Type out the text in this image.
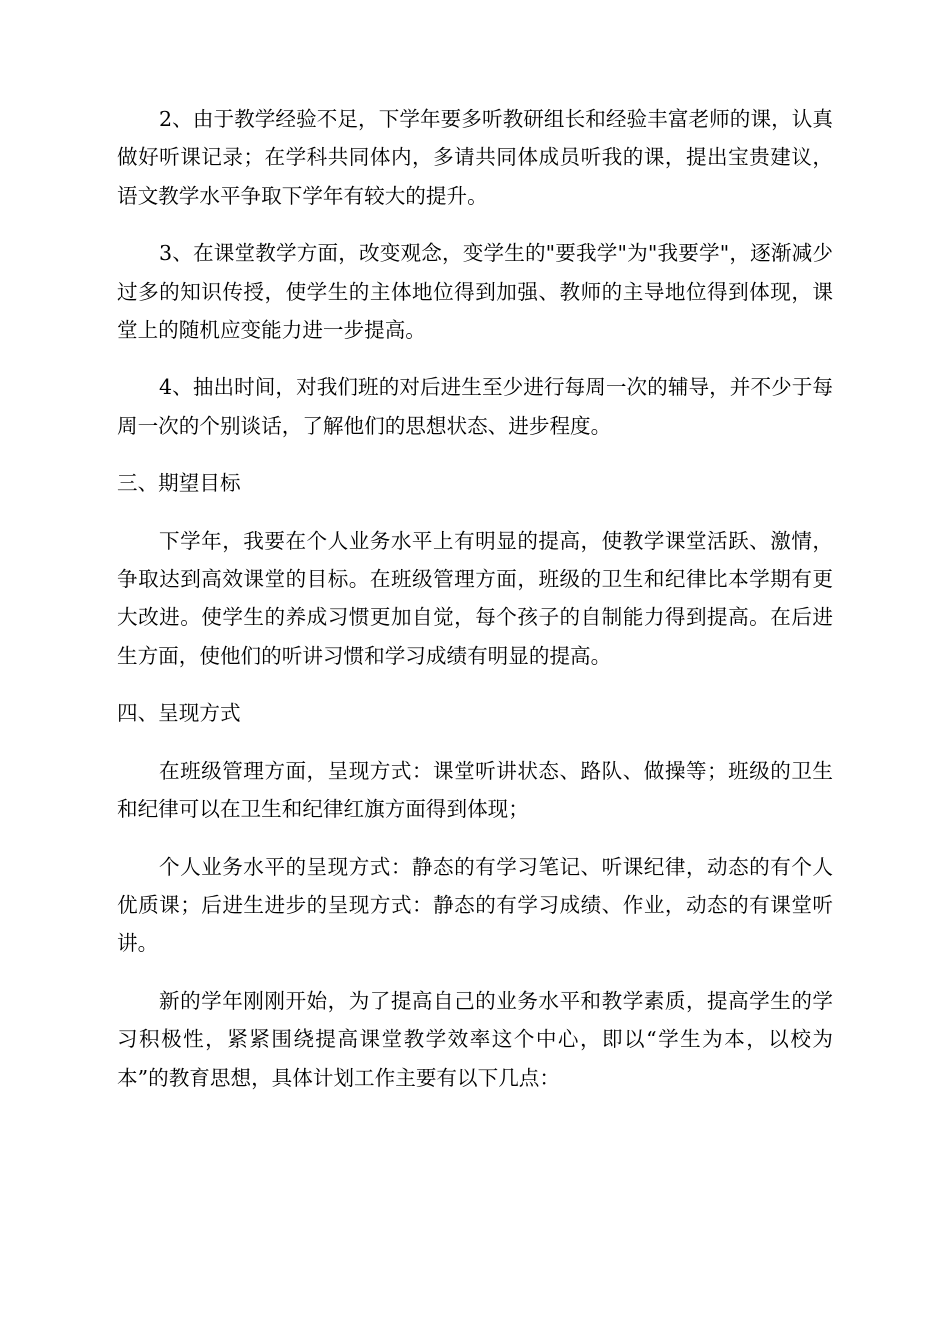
2、由于教学经验不足，下学年要多听教研组长和经验丰富老师的课，认真做好听课记录；在学科共同体内，多请共同体成员听我的课，提出宝贵建议，语文教学水平争取下学年有较大的提升。

3、在课堂教学方面，改变观念，变学生的"要我学"为"我要学"，逐渐减少过多的知识传授，使学生的主体地位得到加强、教师的主导地位得到体现，课堂上的随机应变能力进一步提高。

4、抽出时间，对我们班的对后进生至少进行每周一次的辅导，并不少于每周一次的个别谈话，了解他们的思想状态、进步程度。

三、期望目标

下学年，我要在个人业务水平上有明显的提高，使教学课堂活跃、激情，争取达到高效课堂的目标。在班级管理方面，班级的卫生和纪律比本学期有更大改进。使学生的养成习惯更加自觉，每个孩子的自制能力得到提高。在后进生方面，使他们的听讲习惯和学习成绩有明显的提高。

四、呈现方式

在班级管理方面，呈现方式：课堂听讲状态、路队、做操等；班级的卫生和纪律可以在卫生和纪律红旗方面得到体现；

个人业务水平的呈现方式：静态的有学习笔记、听课纪律，动态的有个人优质课；后进生进步的呈现方式：静态的有学习成绩、作业，动态的有课堂听讲。

新的学年刚刚开始，为了提高自己的业务水平和教学素质，提高学生的学习积极性，紧紧围绕提高课堂教学效率这个中心，即以“学生为本，以校为本”的教育思想，具体计划工作主要有以下几点：
